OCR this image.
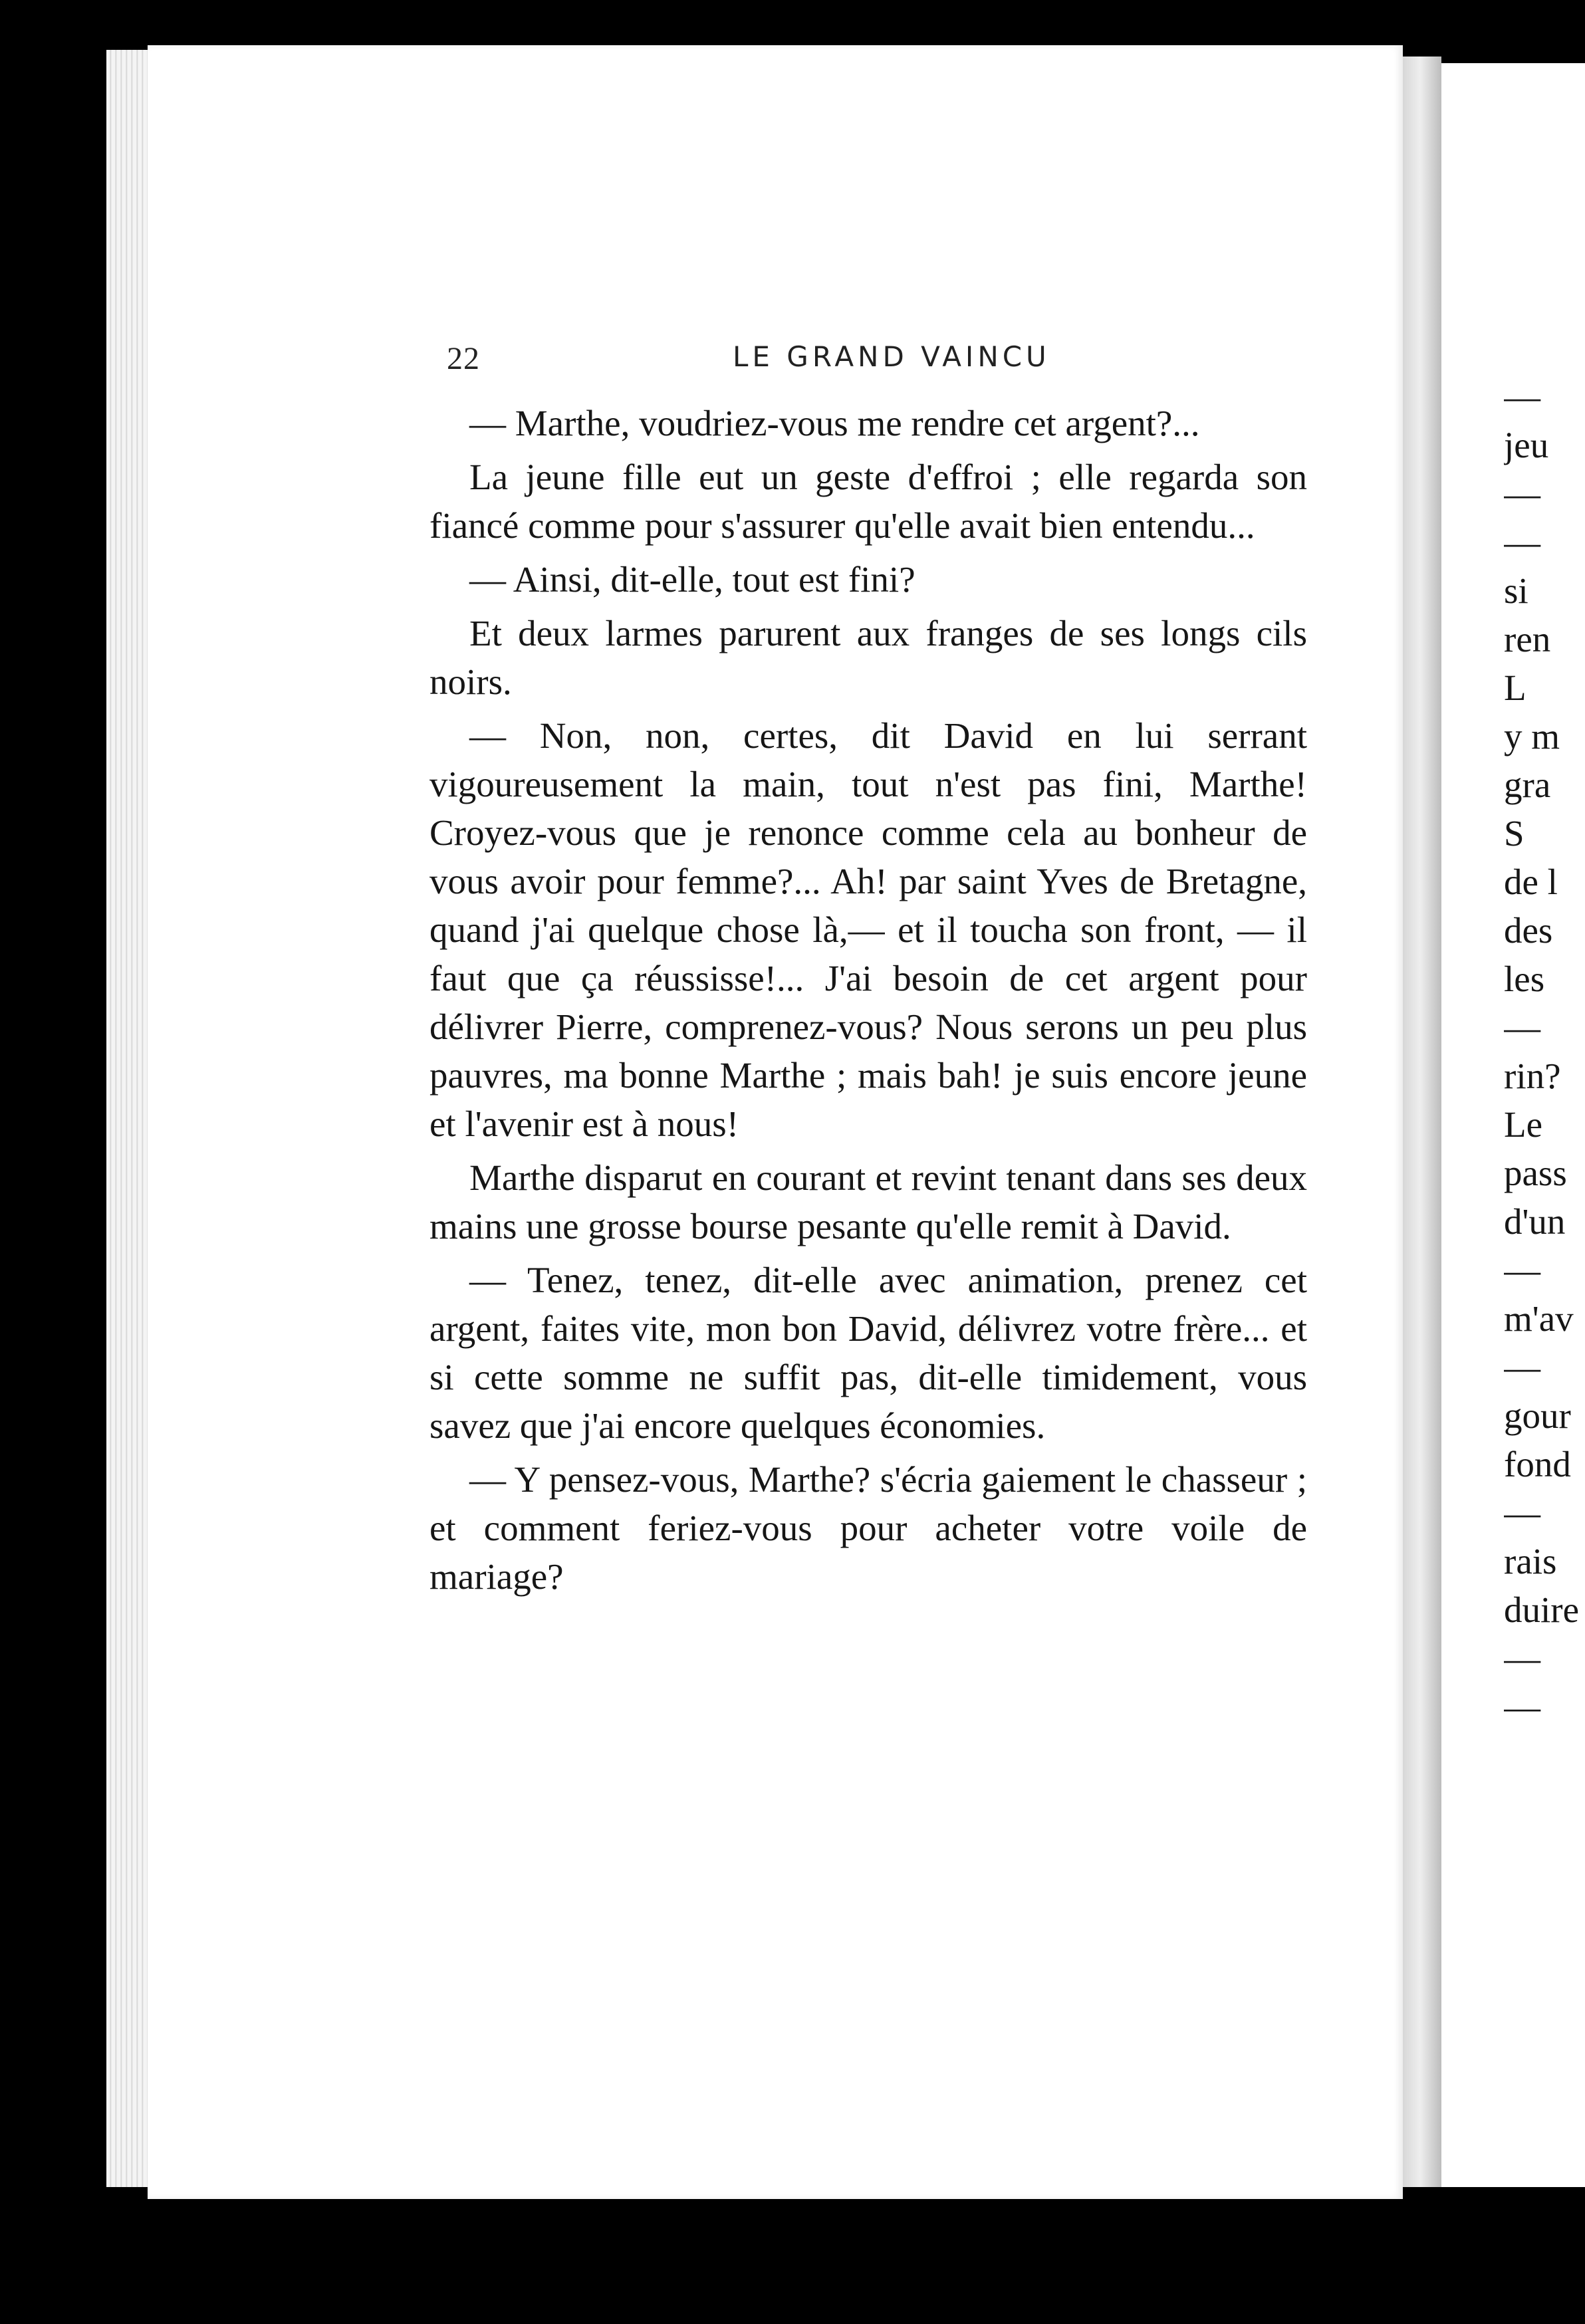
22	LE GRAND VAINCU

— Marthe, voudriez-vous me rendre cet argent?...

La jeune fille eut un geste d'effroi ; elle regarda son fiancé comme pour s'assurer qu'elle avait bien entendu...

— Ainsi, dit-elle, tout est fini?

Et deux larmes parurent aux franges de ses longs cils noirs.

— Non, non, certes, dit David en lui serrant vigoureusement la main, tout n'est pas fini, Marthe! Croyez-vous que je renonce comme cela au bonheur de vous avoir pour femme?... Ah! par saint Yves de Bretagne, quand j'ai quelque chose là,— et il toucha son front, — il faut que ça réussisse!... J'ai besoin de cet argent pour délivrer Pierre, comprenez-vous? Nous serons un peu plus pauvres, ma bonne Marthe ; mais bah! je suis encore jeune et l'avenir est à nous!

Marthe disparut en courant et revint tenant dans ses deux mains une grosse bourse pesante qu'elle remit à David.

— Tenez, tenez, dit-elle avec animation, prenez cet argent, faites vite, mon bon David, délivrez votre frère... et si cette somme ne suffit pas, dit-elle timidement, vous savez que j'ai encore quelques économies.

— Y pensez-vous, Marthe? s'écria gaiement le chasseur ; et comment feriez-vous pour acheter votre voile de mariage?

—
jeu
—
—
si
ren
L
y m
gra
S
de l
des
les
—
rin?
Le
pass
d'un
—
m'av
—
gour
fond
—
rais
duire
—
—
